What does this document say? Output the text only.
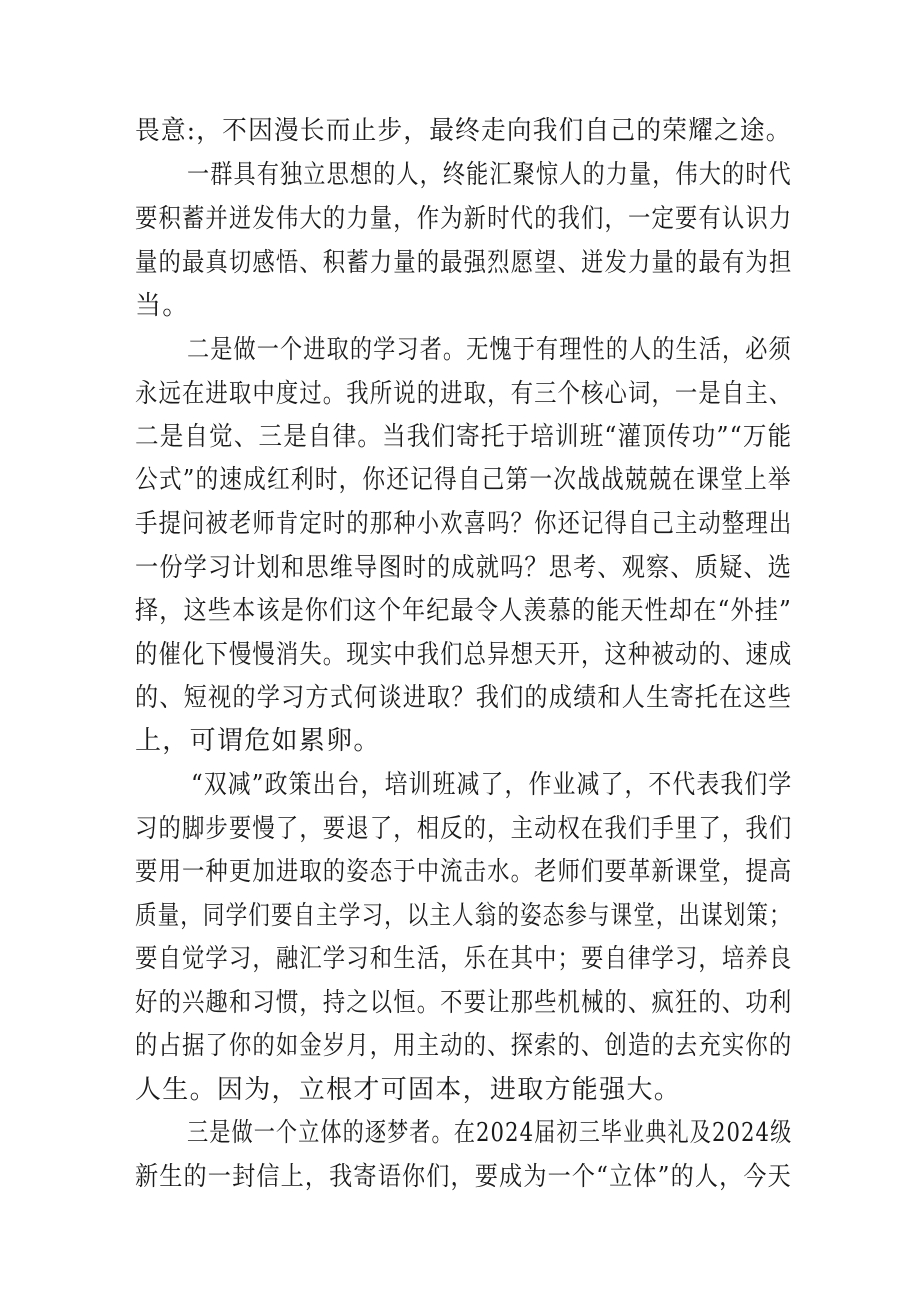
畏意:，不因漫长而止步，最终走向我们自己的荣耀之途。
一群具有独立思想的人，终能汇聚惊人的力量，伟大的时代
要积蓄并迸发伟大的力量，作为新时代的我们，一定要有认识力
量的最真切感悟、积蓄力量的最强烈愿望、迸发力量的最有为担
当。
二是做一个进取的学习者。无愧于有理性的人的生活，必须
永远在进取中度过。我所说的进取，有三个核心词，一是自主、
二是自觉、三是自律。当我们寄托于培训班“灌顶传功”“万能
公式”的速成红利时，你还记得自己第一次战战兢兢在课堂上举
手提问被老师肯定时的那种小欢喜吗？你还记得自己主动整理出
一份学习计划和思维导图时的成就吗？思考、观察、质疑、选
择，这些本该是你们这个年纪最令人羡慕的能天性却在“外挂”
的催化下慢慢消失。现实中我们总异想天开，这种被动的、速成
的、短视的学习方式何谈进取？我们的成绩和人生寄托在这些
上，可谓危如累卵。
“双减”政策出台，培训班减了，作业减了，不代表我们学
习的脚步要慢了，要退了，相反的，主动权在我们手里了，我们
要用一种更加进取的姿态于中流击水。老师们要革新课堂，提高
质量，同学们要自主学习，以主人翁的姿态参与课堂，出谋划策；
要自觉学习，融汇学习和生活，乐在其中；要自律学习，培养良
好的兴趣和习惯，持之以恒。不要让那些机械的、疯狂的、功利
的占据了你的如金岁月，用主动的、探索的、创造的去充实你的
人生。因为，立根才可固本，进取方能强大。
三是做一个立体的逐梦者。在2024届初三毕业典礼及2024级
新生的一封信上，我寄语你们，要成为一个“立体”的人，今天
